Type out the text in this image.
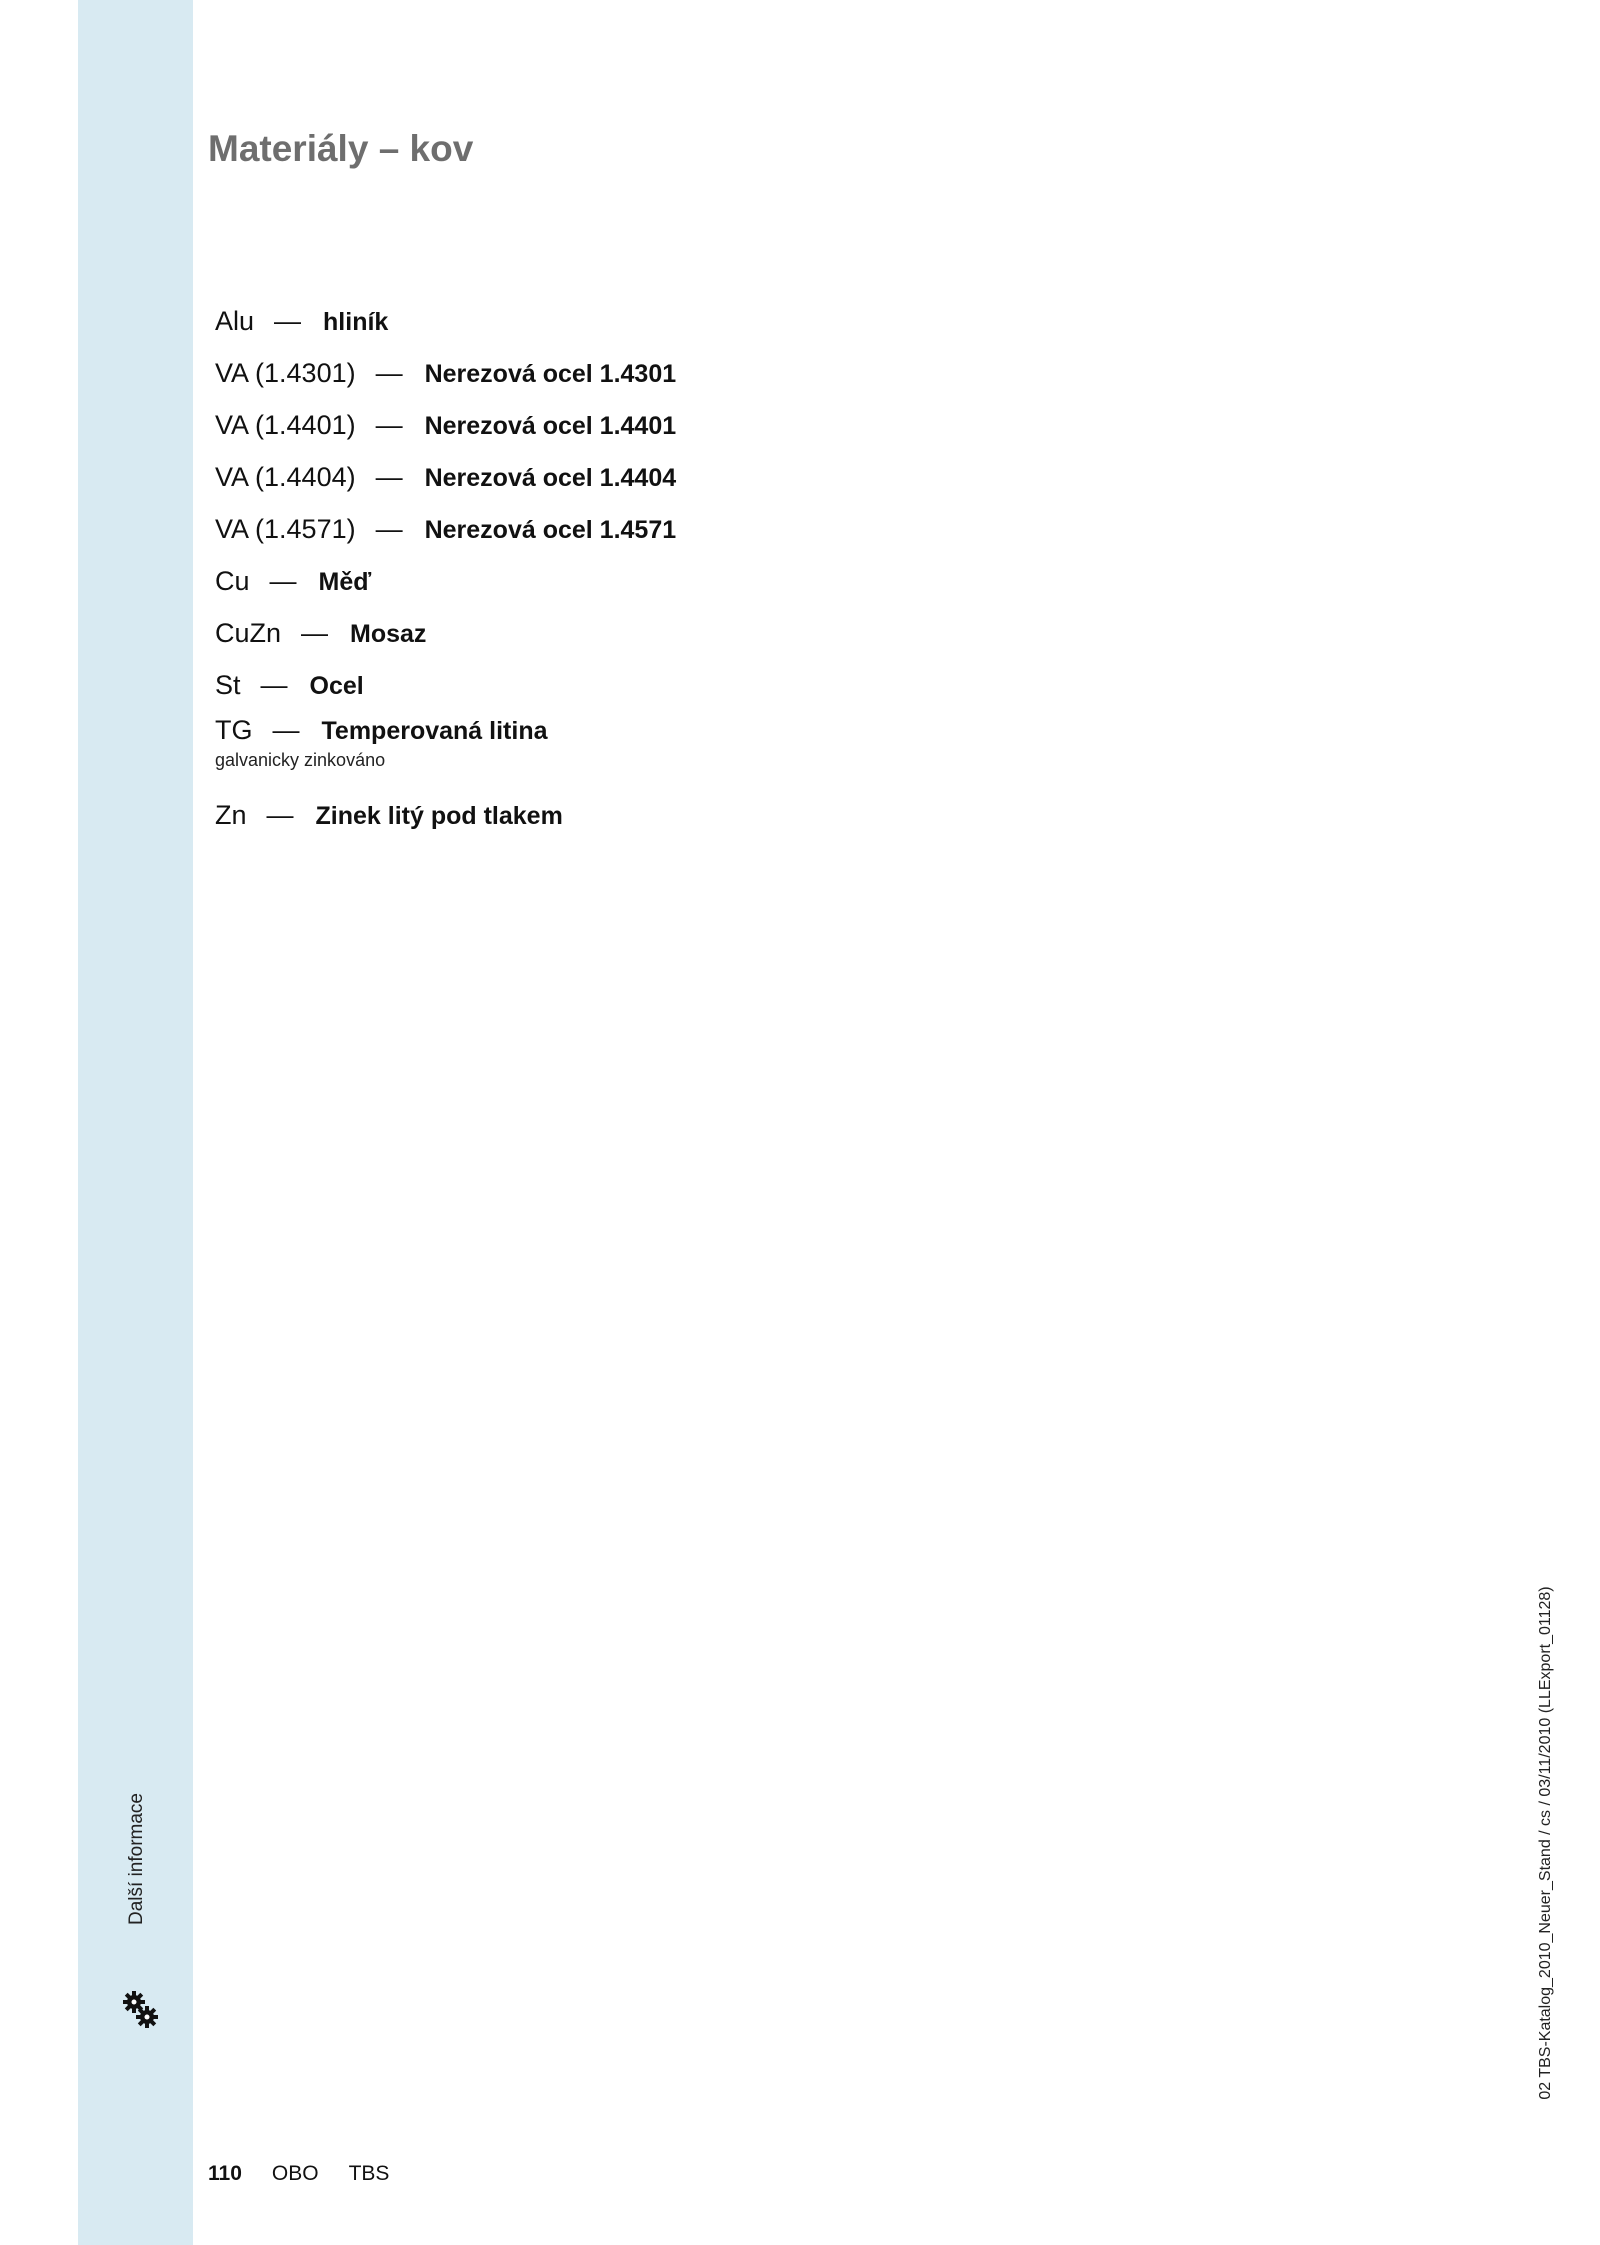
Další informace
Materiály – kov
Alu — hliník
VA (1.4301) — Nerezová ocel 1.4301
VA (1.4401) — Nerezová ocel 1.4401
VA (1.4404) — Nerezová ocel 1.4404
VA (1.4571) — Nerezová ocel 1.4571
Cu — Měď
CuZn — Mosaz
St — Ocel
TG — Temperovaná litina
galvanicky zinkováno
Zn — Zinek litý pod tlakem
110 OBO TBS
02 TBS-Katalog_2010_Neuer_Stand / cs / 03/11/2010 (LLExport_01128)
